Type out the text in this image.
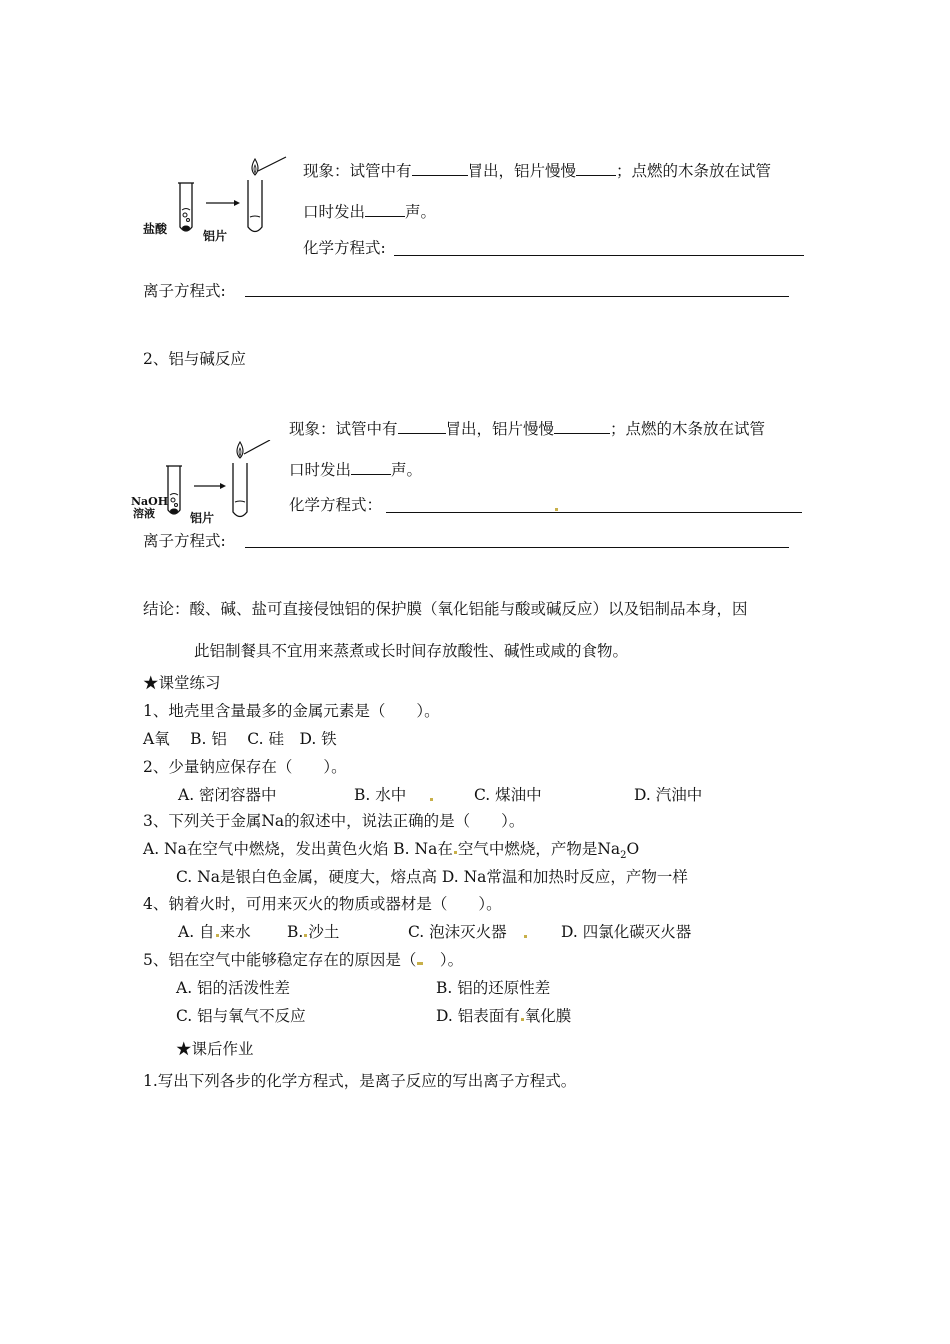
盐酸	铝片
现象：试管中有	冒出，铝片慢慢	；点燃的木条放在试管
口时发出	声。
化学方程式:
离子方程式:
2、铝与碱反应
NaOH
溶液	铝片
现象：试管中有	冒出，铝片慢慢	；点燃的木条放在试管
口时发出	声。
化学方程式：
离子方程式:
结论：酸、碱、盐可直接侵蚀铝的保护膜（氧化铝能与酸或碱反应）以及铝制品本身，因
此铝制餐具不宜用来蒸煮或长时间存放酸性、碱性或咸的食物。
★课堂练习
1、地壳里含量最多的金属元素是（　　）。
A氧　 B. 铝　 C. 硅　D. 铁
2、少量钠应保存在（　　）。
A. 密闭容器中	B. 水中	C. 煤油中	D. 汽油中
3、下列关于金属Na的叙述中，说法正确的是（　　）。
A. Na在空气中燃烧，发出黄色火焰 B. Na在 空气中燃烧，产物是$Na_2O$
C. Na是银白色金属，硬度大，熔点高 D. Na常温和加热时反应，产物一样
4、钠着火时，可用来灭火的物质或器材是（　　）。
A. 自 来水 B. 沙土	C. 泡沫灭火器	D. 四氯化碳灭火器
5、铝在空气中能够稳定存在的原因是（　）。
A. 铝的活泼性差	B. 铝的还原性差
C. 铝与氧气不反应	D. 铝表面有 氧化膜
★课后作业
1.写出下列各步的化学方程式，是离子反应的写出离子方程式。
